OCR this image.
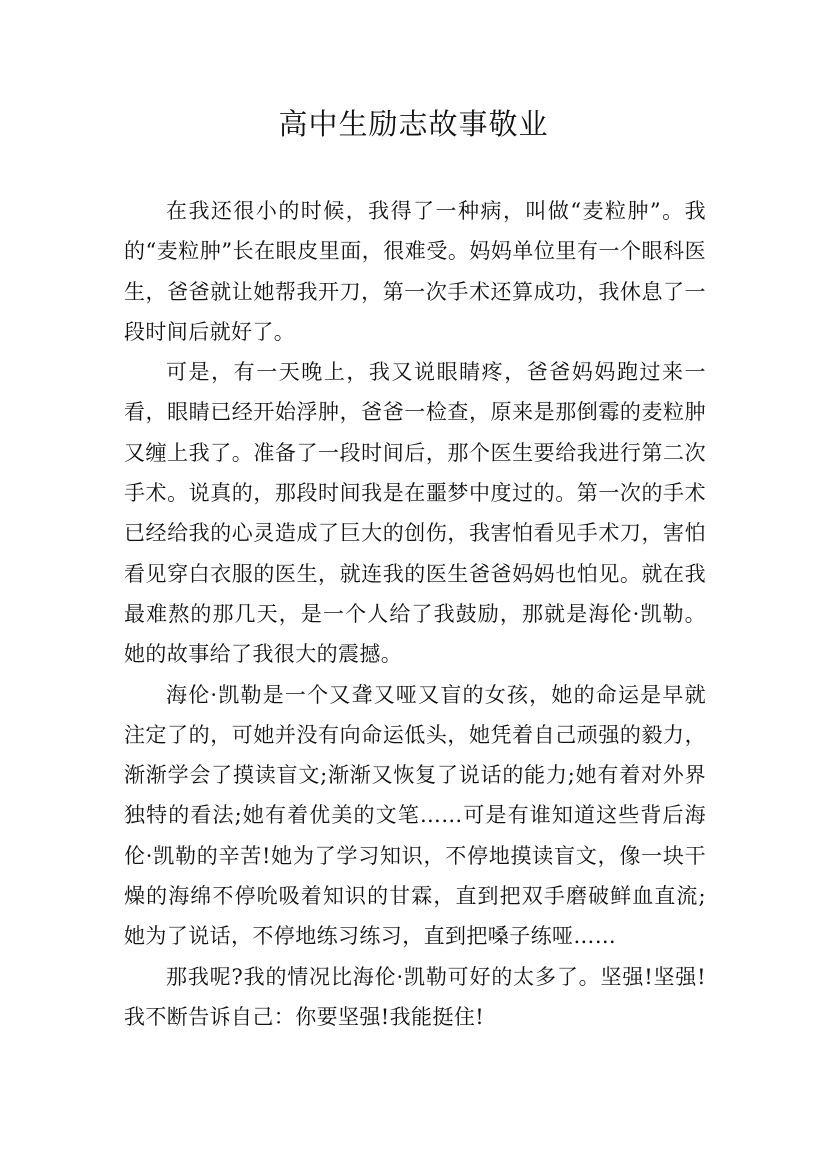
高中生励志故事敬业

在我还很小的时候，我得了一种病，叫做“麦粒肿”。我的“麦粒肿”长在眼皮里面，很难受。妈妈单位里有一个眼科医生，爸爸就让她帮我开刀，第一次手术还算成功，我休息了一段时间后就好了。

可是，有一天晚上，我又说眼睛疼，爸爸妈妈跑过来一看，眼睛已经开始浮肿，爸爸一检查，原来是那倒霉的麦粒肿又缠上我了。准备了一段时间后，那个医生要给我进行第二次手术。说真的，那段时间我是在噩梦中度过的。第一次的手术已经给我的心灵造成了巨大的创伤，我害怕看见手术刀，害怕看见穿白衣服的医生，就连我的医生爸爸妈妈也怕见。就在我最难熬的那几天，是一个人给了我鼓励，那就是海伦·凯勒。她的故事给了我很大的震撼。

海伦·凯勒是一个又聋又哑又盲的女孩，她的命运是早就注定了的，可她并没有向命运低头，她凭着自己顽强的毅力，渐渐学会了摸读盲文;渐渐又恢复了说话的能力;她有着对外界独特的看法;她有着优美的文笔……可是有谁知道这些背后海伦·凯勒的辛苦!她为了学习知识，不停地摸读盲文，像一块干燥的海绵不停吮吸着知识的甘霖，直到把双手磨破鲜血直流;她为了说话，不停地练习练习，直到把嗓子练哑……

那我呢?我的情况比海伦·凯勒可好的太多了。坚强!坚强!我不断告诉自己：你要坚强!我能挺住!
